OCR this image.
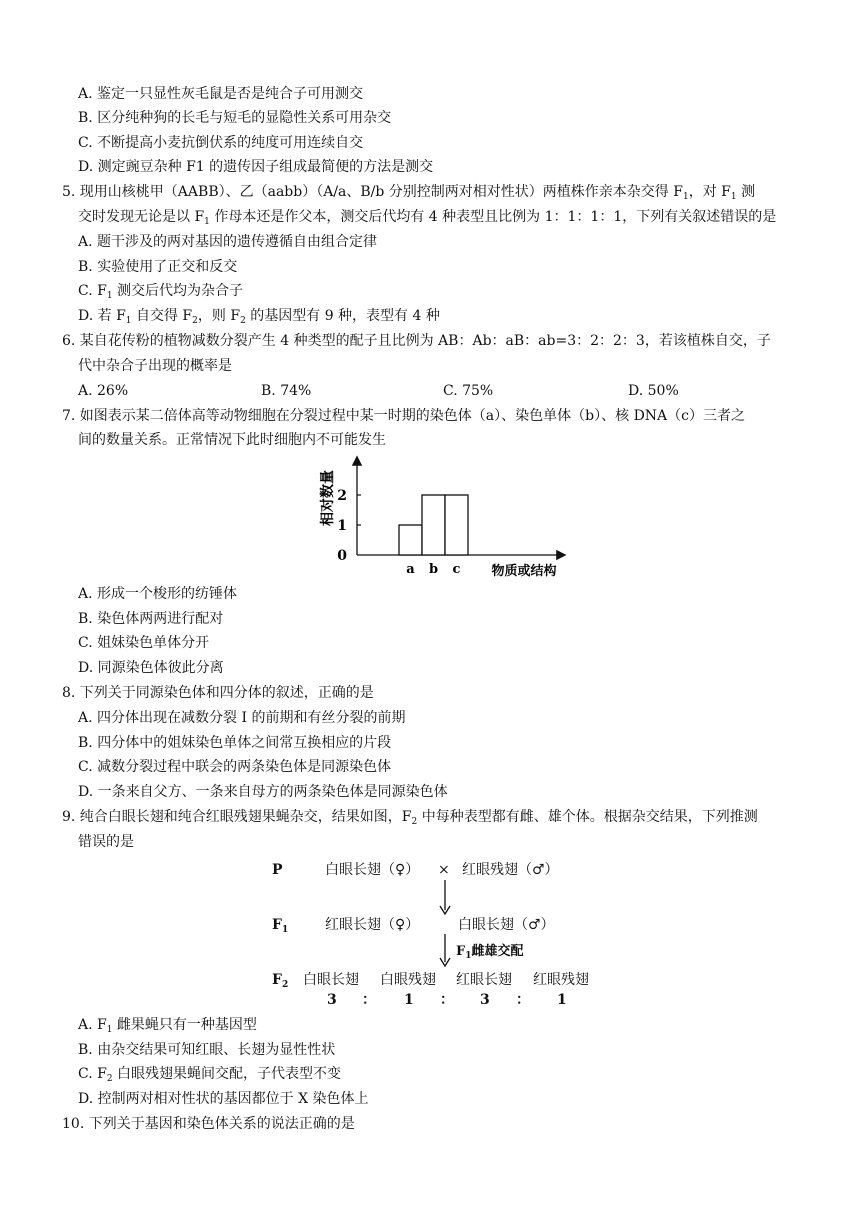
A. 鉴定一只显性灰毛鼠是否是纯合子可用测交
B. 区分纯种狗的长毛与短毛的显隐性关系可用杂交
C. 不断提高小麦抗倒伏系的纯度可用连续自交
D. 测定豌豆杂种 F1 的遗传因子组成最简便的方法是测交
5. 现用山核桃甲（AABB）、乙（aabb）（A/a、B/b 分别控制两对相对性状）两植株作亲本杂交得 $F_1$，对 $F_1$ 测
交时发现无论是以 $F_1$ 作母本还是作父本，测交后代均有 4 种表型且比例为 1：1：1：1，下列有关叙述错误的是
A. 题干涉及的两对基因的遗传遵循自由组合定律
B. 实验使用了正交和反交
C. $F_1$ 测交后代均为杂合子
D. 若 $F_1$ 自交得 $F_2$，则 $F_2$ 的基因型有 9 种，表型有 4 种
6. 某自花传粉的植物减数分裂产生 4 种类型的配子且比例为 AB：Ab：aB：ab=3：2：2：3，若该植株自交，子
代中杂合子出现的概率是
A. 26%	B. 74%	C. 75%	D. 50%
7. 如图表示某二倍体高等动物细胞在分裂过程中某一时期的染色体（a）、染色单体（b）、核 DNA（c）三者之
间的数量关系。正常情况下此时细胞内不可能发生
相对数量
物质或结构
0
1
2
a b c
A. 形成一个梭形的纺锤体
B. 染色体两两进行配对
C. 姐妹染色单体分开
D. 同源染色体彼此分离
8. 下列关于同源染色体和四分体的叙述，正确的是
A. 四分体出现在减数分裂 I 的前期和有丝分裂的前期
B. 四分体中的姐妹染色单体之间常互换相应的片段
C. 减数分裂过程中联会的两条染色体是同源染色体
D. 一条来自父方、一条来自母方的两条染色体是同源染色体
9. 纯合白眼长翅和纯合红眼残翅果蝇杂交，结果如图，$F_2$ 中每种表型都有雌、雄个体。根据杂交结果，下列推测
错误的是
P	白眼长翅（♀） × 红眼残翅（♂）
$F_1$	红眼长翅（♀）	白眼长翅（♂）
$F_1$雌雄交配
$F_2$ 白眼长翅 白眼残翅 红眼长翅 红眼残翅
3 ： 1 ： 3 ： 1
A. $F_1$ 雌果蝇只有一种基因型
B. 由杂交结果可知红眼、长翅为显性性状
C. $F_2$ 白眼残翅果蝇间交配，子代表型不变
D. 控制两对相对性状的基因都位于 X 染色体上
10. 下列关于基因和染色体关系的说法正确的是
